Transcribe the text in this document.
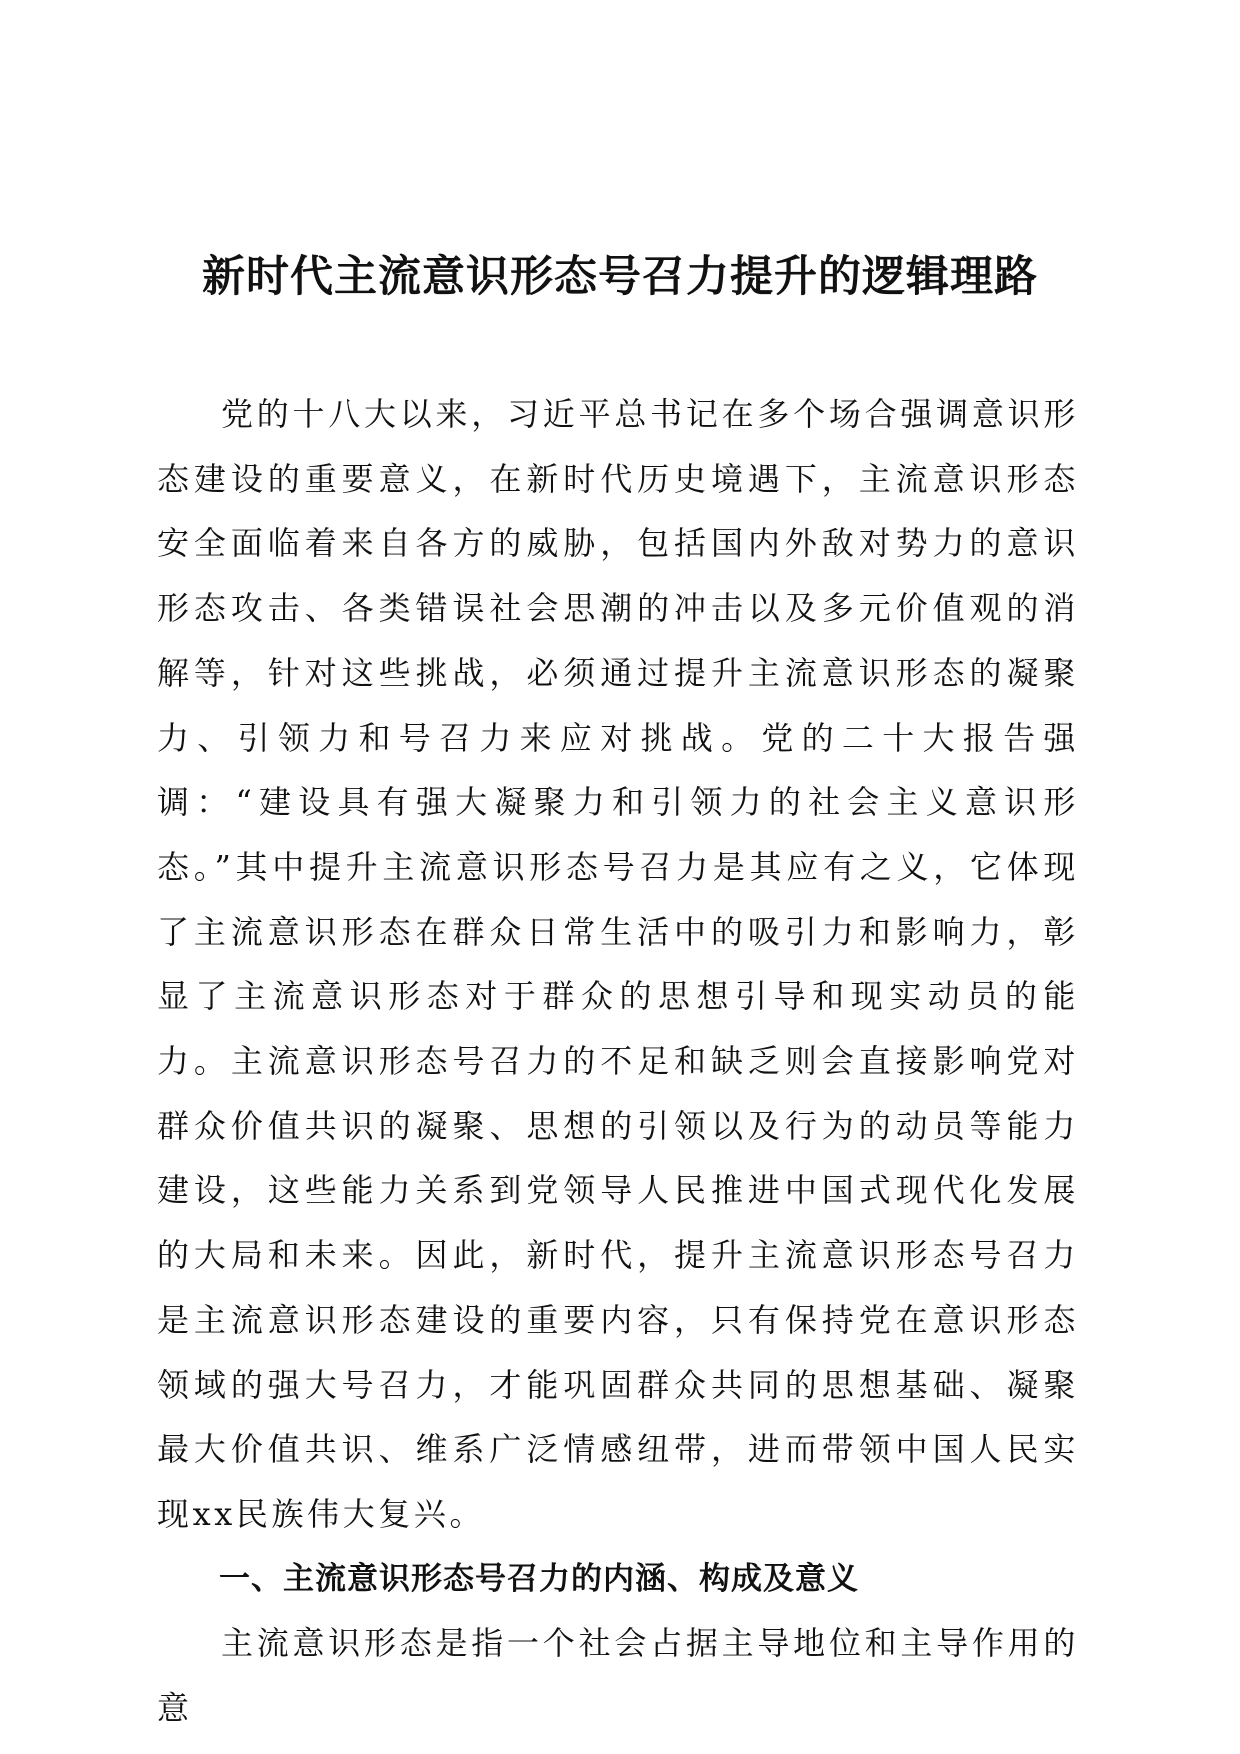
新时代主流意识形态号召力提升的逻辑理路

党的十八大以来，习近平总书记在多个场合强调意识形态建设的重要意义，在新时代历史境遇下，主流意识形态安全面临着来自各方的威胁，包括国内外敌对势力的意识形态攻击、各类错误社会思潮的冲击以及多元价值观的消解等，针对这些挑战，必须通过提升主流意识形态的凝聚力、引领力和号召力来应对挑战。党的二十大报告强调：“建设具有强大凝聚力和引领力的社会主义意识形态。”其中提升主流意识形态号召力是其应有之义，它体现了主流意识形态在群众日常生活中的吸引力和影响力，彰显了主流意识形态对于群众的思想引导和现实动员的能力。主流意识形态号召力的不足和缺乏则会直接影响党对群众价值共识的凝聚、思想的引领以及行为的动员等能力建设，这些能力关系到党领导人民推进中国式现代化发展的大局和未来。因此，新时代，提升主流意识形态号召力是主流意识形态建设的重要内容，只有保持党在意识形态领域的强大号召力，才能巩固群众共同的思想基础、凝聚最大价值共识、维系广泛情感纽带，进而带领中国人民实现xx民族伟大复兴。

一、主流意识形态号召力的内涵、构成及意义

主流意识形态是指一个社会占据主导地位和主导作用的意
